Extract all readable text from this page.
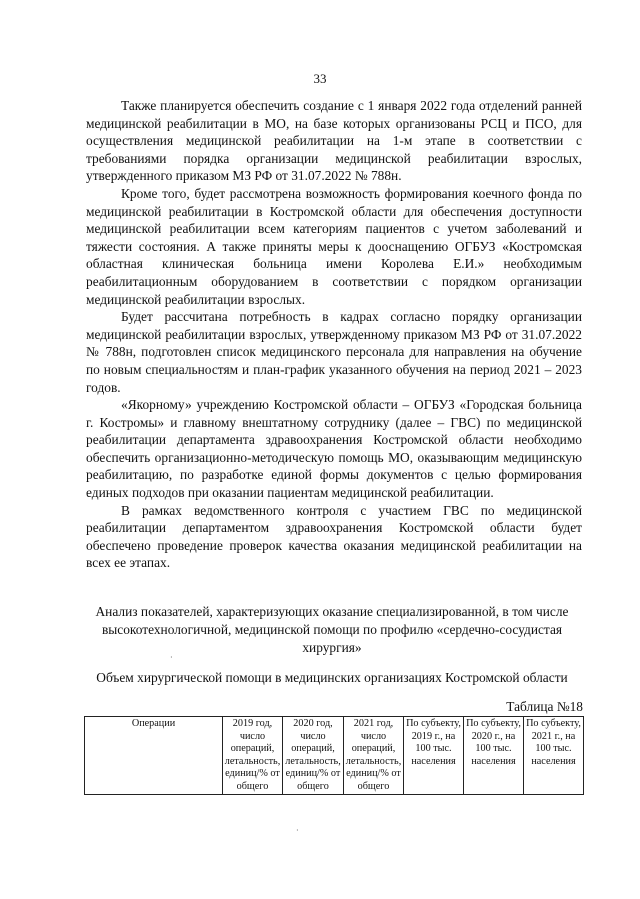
33

Также планируется обеспечить создание с 1 января 2022 года отделений ранней медицинской реабилитации в МО, на базе которых организованы РСЦ и ПСО, для осуществления медицинской реабилитации на 1-м этапе в соответствии с требованиями порядка организации медицинской реабилитации взрослых, утвержденного приказом МЗ РФ от 31.07.2022 № 788н.

Кроме того, будет рассмотрена возможность формирования коечного фонда по медицинской реабилитации в Костромской области для обеспечения доступности медицинской реабилитации всем категориям пациентов с учетом заболеваний и тяжести состояния. А также приняты меры к дооснащению ОГБУЗ «Костромская областная клиническая больница имени Королева Е.И.» необходимым реабилитационным оборудованием в соответствии с порядком организации медицинской реабилитации взрослых.

Будет рассчитана потребность в кадрах согласно порядку организации медицинской реабилитации взрослых, утвержденному приказом МЗ РФ от 31.07.2022 № 788н, подготовлен список медицинского персонала для направления на обучение по новым специальностям и план-график указанного обучения на период 2021 – 2023 годов.

«Якорному» учреждению Костромской области – ОГБУЗ «Городская больница г. Костромы» и главному внештатному сотруднику (далее – ГВС) по медицинской реабилитации департамента здравоохранения Костромской области необходимо обеспечить организационно-методическую помощь МО, оказывающим медицинскую реабилитацию, по разработке единой формы документов с целью формирования единых подходов при оказании пациентам медицинской реабилитации.

В рамках ведомственного контроля с участием ГВС по медицинской реабилитации департаментом здравоохранения Костромской области будет обеспечено проведение проверок качества оказания медицинской реабилитации на всех ее этапах.

Анализ показателей, характеризующих оказание специализированной, в том числе высокотехнологичной, медицинской помощи по профилю «сердечно-сосудистая хирургия»

Объем хирургической помощи в медицинских организациях Костромской области

Таблица №18
Операции	2019 год, число операций, летальность, единиц/% от общего	2020 год, число операций, летальность, единиц/% от общего	2021 год, число операций, летальность, единиц/% от общего	По субъекту, 2019 г., на 100 тыс. населения	По субъекту, 2020 г., на 100 тыс. населения	По субъекту, 2021 г., на 100 тыс. населения
·
·
